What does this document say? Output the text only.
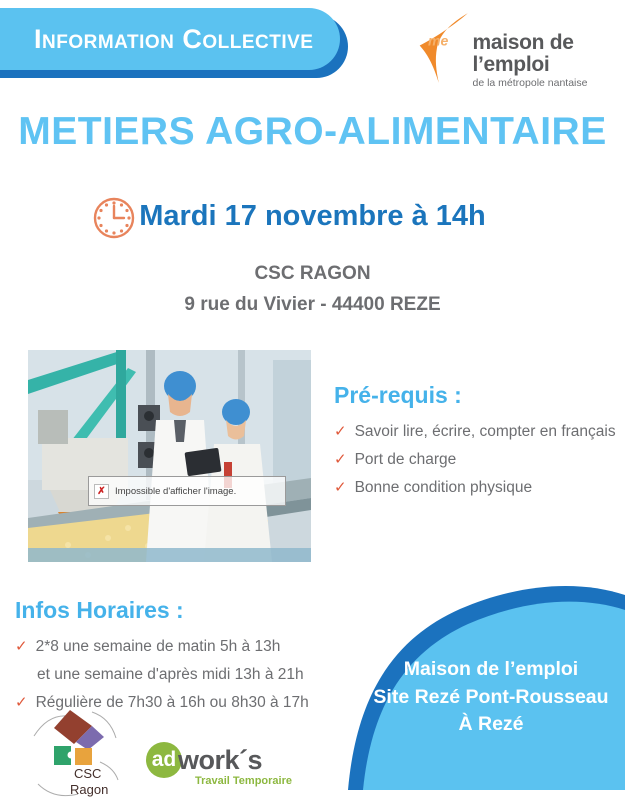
Information Collective	me maison de l’emploi
de la métropole nantaise
METIERS AGRO-ALIMENTAIRE
Mardi 17 novembre à 14h
CSC RAGON
9 rue du Vivier - 44400 REZE
✗ Impossible d'afficher l'image.
Pré-requis :
✓ Savoir lire, écrire, compter en français
✓ Port de charge
✓ Bonne condition physique
Infos Horaires :
✓ 2*8 une semaine de matin 5h à 13h
et une semaine d'après midi 13h à 21h
✓ Régulière de 7h30 à 16h ou 8h30 à 17h
Maison de l’emploi
Site Rezé Pont-Rousseau
À Rezé
CSC
Ragon
ad work´s
Travail Temporaire
